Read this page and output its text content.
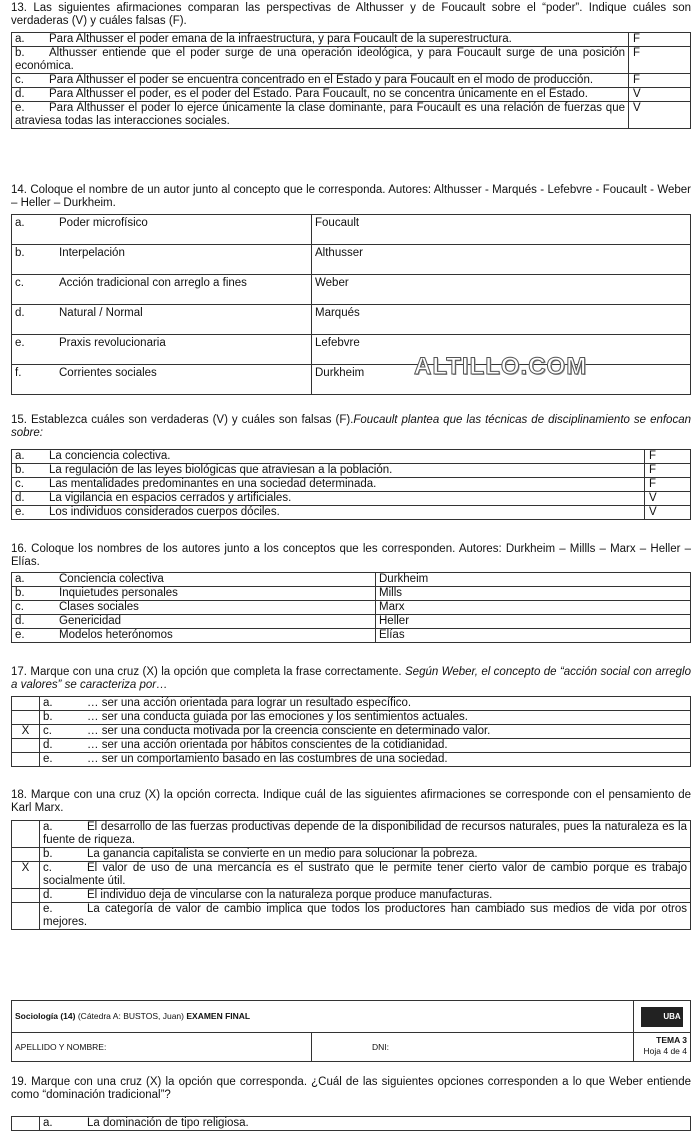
13. Las siguientes afirmaciones comparan las perspectivas de Althusser y de Foucault sobre el “poder”. Indique cuáles son verdaderas (V) y cuáles falsas (F).
a. Para Althusser el poder emana de la infraestructura, y para Foucault de la superestructura.	F
b. Althusser entiende que el poder surge de una operación ideológica, y para Foucault surge de una posición económica.	F
c. Para Althusser el poder se encuentra concentrado en el Estado y para Foucault en el modo de producción.	F
d. Para Althusser el poder, es el poder del Estado. Para Foucault, no se concentra únicamente en el Estado.	V
e. Para Althusser el poder lo ejerce únicamente la clase dominante, para Foucault es una relación de fuerzas que atraviesa todas las interacciones sociales.	V
14. Coloque el nombre de un autor junto al concepto que le corresponda. Autores: Althusser - Marqués - Lefebvre - Foucault - Weber – Heller – Durkheim.
a. Poder microfísico	Foucault
b. Interpelación	Althusser
c. Acción tradicional con arreglo a fines	Weber
d. Natural / Normal	Marqués
e. Praxis revolucionaria	Lefebvre
f. Corrientes sociales	Durkheim ALTILLO.COM
15. Establezca cuáles son verdaderas (V) y cuáles son falsas (F).Foucault plantea que las técnicas de disciplinamiento se enfocan sobre:
a. La conciencia colectiva.	F
b. La regulación de las leyes biológicas que atraviesan a la población.	F
c. Las mentalidades predominantes en una sociedad determinada.	F
d. La vigilancia en espacios cerrados y artificiales.	V
e. Los individuos considerados cuerpos dóciles.	V
16. Coloque los nombres de los autores junto a los conceptos que les corresponden. Autores: Durkheim – Millls – Marx – Heller – Elías.
a. Conciencia colectiva	Durkheim
b. Inquietudes personales	Mills
c. Clases sociales	Marx
d. Genericidad	Heller
e. Modelos heterónomos	Elías
17. Marque con una cruz (X) la opción que completa la frase correctamente. Según Weber, el concepto de “acción social con arreglo a valores” se caracteriza por…
	a. … ser una acción orientada para lograr un resultado específico.
	b. … ser una conducta guiada por las emociones y los sentimientos actuales.
X	c. … ser una conducta motivada por la creencia consciente en determinado valor.
	d. … ser una acción orientada por hábitos conscientes de la cotidianidad.
	e. … ser un comportamiento basado en las costumbres de una sociedad.
18. Marque con una cruz (X) la opción correcta. Indique cuál de las siguientes afirmaciones se corresponde con el pensamiento de Karl Marx.
	a. El desarrollo de las fuerzas productivas depende de la disponibilidad de recursos naturales, pues la naturaleza es la fuente de riqueza.
	b. La ganancia capitalista se convierte en un medio para solucionar la pobreza.
X	c. El valor de uso de una mercancía es el sustrato que le permite tener cierto valor de cambio porque es trabajo socialmente útil.
	d. El individuo deja de vincularse con la naturaleza porque produce manufacturas.
	e. La categoría de valor de cambio implica que todos los productores han cambiado sus medios de vida por otros mejores.
Sociología (14) (Cátedra A: BUSTOS, Juan) EXAMEN FINAL		UBA
APELLIDO Y NOMBRE:	DNI:	TEMA 3
Hoja 4 de 4
19. Marque con una cruz (X) la opción que corresponda. ¿Cuál de las siguientes opciones corresponden a lo que Weber entiende como “dominación tradicional”?
	a.	La dominación de tipo religiosa.
